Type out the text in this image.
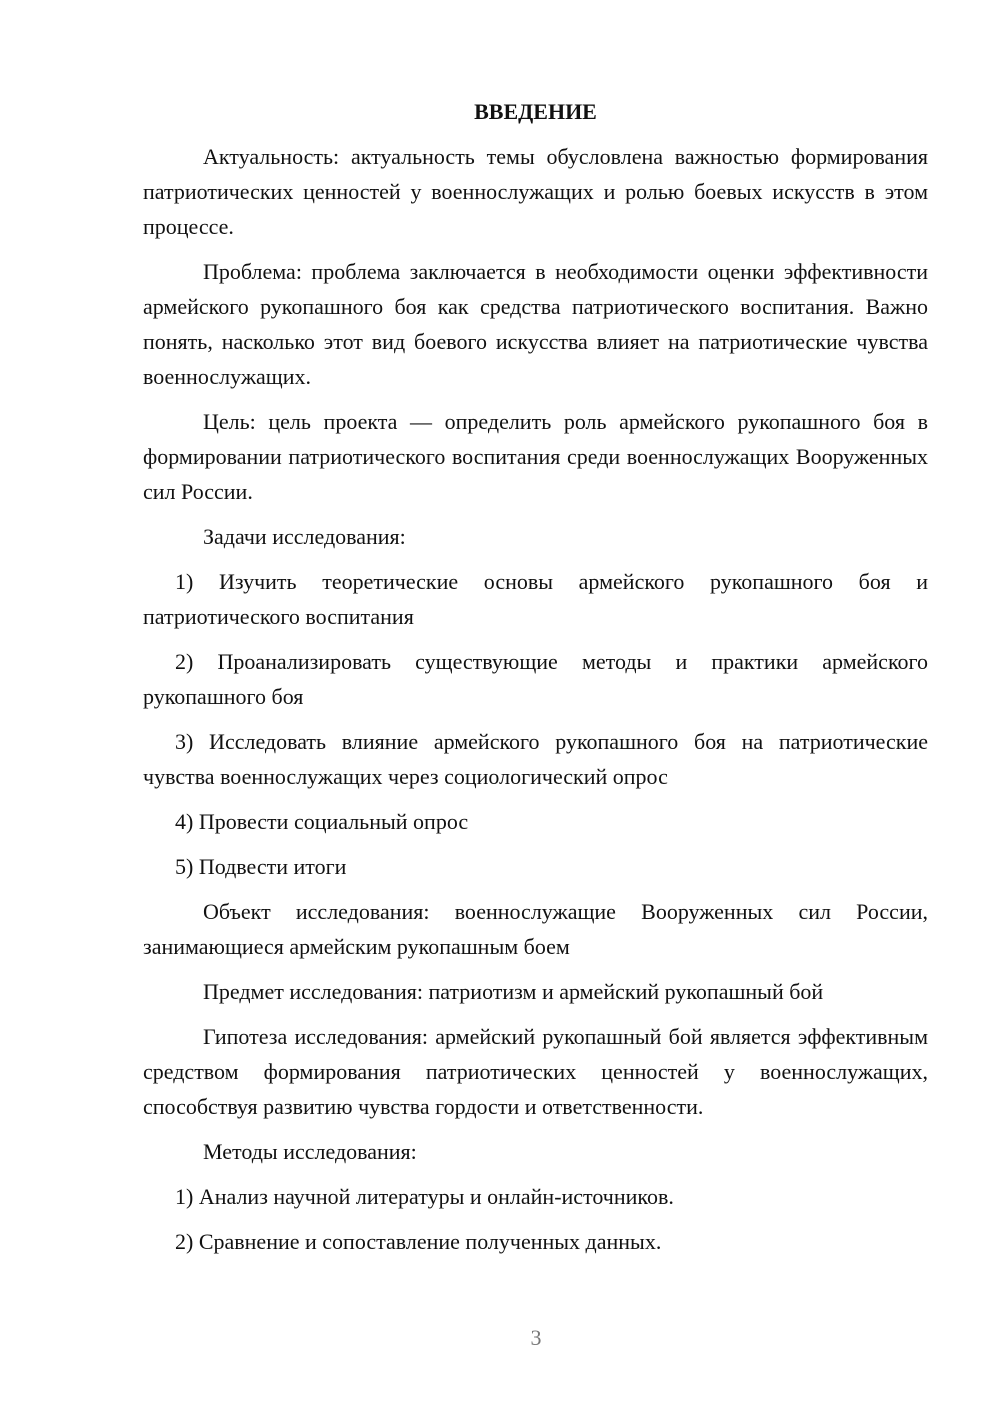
ВВЕДЕНИЕ

Актуальность: актуальность темы обусловлена важностью формирования патриотических ценностей у военнослужащих и ролью боевых искусств в этом процессе.

Проблема: проблема заключается в необходимости оценки эффективности армейского рукопашного боя как средства патриотического воспитания. Важно понять, насколько этот вид боевого искусства влияет на патриотические чувства военнослужащих.

Цель: цель проекта — определить роль армейского рукопашного боя в формировании патриотического воспитания среди военнослужащих Вооруженных сил России.

Задачи исследования:

1) Изучить теоретические основы армейского рукопашного боя и патриотического воспитания

2) Проанализировать существующие методы и практики армейского рукопашного боя

3) Исследовать влияние армейского рукопашного боя на патриотические чувства военнослужащих через социологический опрос

4) Провести социальный опрос

5) Подвести итоги

Объект исследования: военнослужащие Вооруженных сил России, занимающиеся армейским рукопашным боем

Предмет исследования: патриотизм и армейский рукопашный бой

Гипотеза исследования: армейский рукопашный бой является эффективным средством формирования патриотических ценностей у военнослужащих, способствуя развитию чувства гордости и ответственности.

Методы исследования:

1) Анализ научной литературы и онлайн-источников.

2) Сравнение и сопоставление полученных данных.

3
